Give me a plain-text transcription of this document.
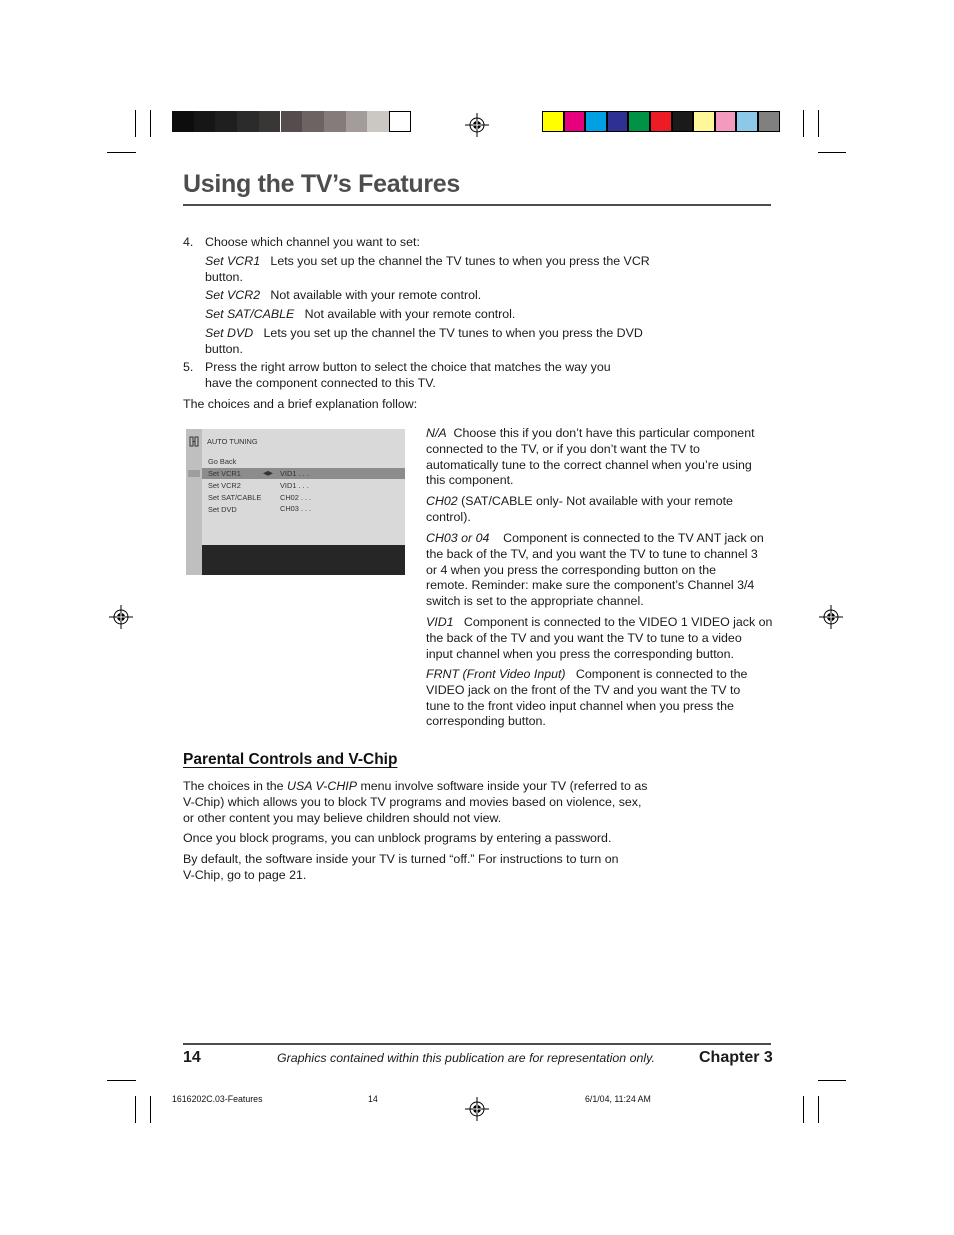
Using the TV’s Features
4. Choose which channel you want to set:
Set VCR1 Lets you set up the channel the TV tunes to when you press the VCR
button.
Set VCR2 Not available with your remote control.
Set SAT/CABLE Not available with your remote control.
Set DVD Lets you set up the channel the TV tunes to when you press the DVD
button.
5. Press the right arrow button to select the choice that matches the way you
have the component connected to this TV.
The choices and a brief explanation follow:
AUTO TUNING
Go Back
Set VCR1	◀▶ VID1 . . .
Set VCR2	VID1 . . .
Set SAT/CABLE	CH02 . . .
Set DVD	CH03 . . .
N/A Choose this if you don’t have this particular component
connected to the TV, or if you don’t want the TV to
automatically tune to the correct channel when you’re using
this component.
CH02 (SAT/CABLE only- Not available with your remote
control).
CH03 or 04 Component is connected to the TV ANT jack on
the back of the TV, and you want the TV to tune to channel 3
or 4 when you press the corresponding button on the
remote. Reminder: make sure the component’s Channel 3/4
switch is set to the appropriate channel.
VID1 Component is connected to the VIDEO 1 VIDEO jack on
the back of the TV and you want the TV to tune to a video
input channel when you press the corresponding button.
FRNT (Front Video Input) Component is connected to the
VIDEO jack on the front of the TV and you want the TV to
tune to the front video input channel when you press the
corresponding button.
Parental Controls and V-Chip
The choices in the USA V-CHIP menu involve software inside your TV (referred to as
V-Chip) which allows you to block TV programs and movies based on violence, sex,
or other content you may believe children should not view.
Once you block programs, you can unblock programs by entering a password.
By default, the software inside your TV is turned “off.” For instructions to turn on
V-Chip, go to page 21.
14	Graphics contained within this publication are for representation only.	Chapter 3
1616202C.03-Features	14	6/1/04, 11:24 AM
